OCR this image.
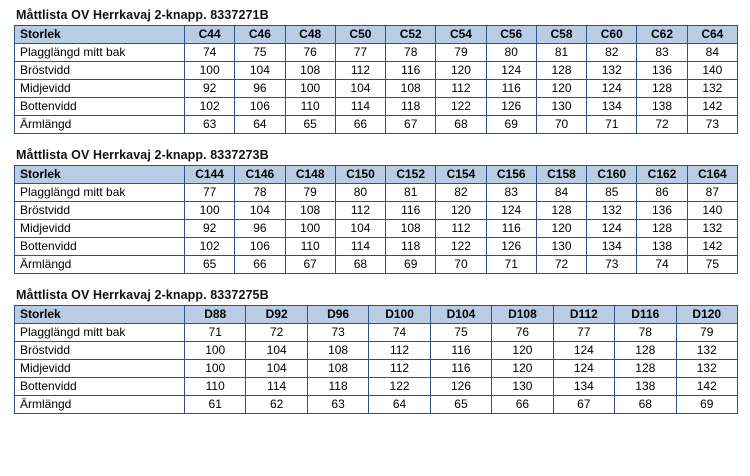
Måttlista OV Herrkavaj 2-knapp. 8337271B
Storlek	C44	C46	C48	C50	C52	C54	C56	C58	C60	C62	C64
Plagglängd mitt bak	74	75	76	77	78	79	80	81	82	83	84
Bröstvidd	100	104	108	112	116	120	124	128	132	136	140
Midjevidd	92	96	100	104	108	112	116	120	124	128	132
Bottenvidd	102	106	110	114	118	122	126	130	134	138	142
Ärmlängd	63	64	65	66	67	68	69	70	71	72	73
Måttlista OV Herrkavaj 2-knapp. 8337273B
Storlek	C144	C146	C148	C150	C152	C154	C156	C158	C160	C162	C164
Plagglängd mitt bak	77	78	79	80	81	82	83	84	85	86	87
Bröstvidd	100	104	108	112	116	120	124	128	132	136	140
Midjevidd	92	96	100	104	108	112	116	120	124	128	132
Bottenvidd	102	106	110	114	118	122	126	130	134	138	142
Ärmlängd	65	66	67	68	69	70	71	72	73	74	75
Måttlista OV Herrkavaj 2-knapp. 8337275B
Storlek	D88	D92	D96	D100	D104	D108	D112	D116	D120
Plagglängd mitt bak	71	72	73	74	75	76	77	78	79
Bröstvidd	100	104	108	112	116	120	124	128	132
Midjevidd	100	104	108	112	116	120	124	128	132
Bottenvidd	110	114	118	122	126	130	134	138	142
Ärmlängd	61	62	63	64	65	66	67	68	69
